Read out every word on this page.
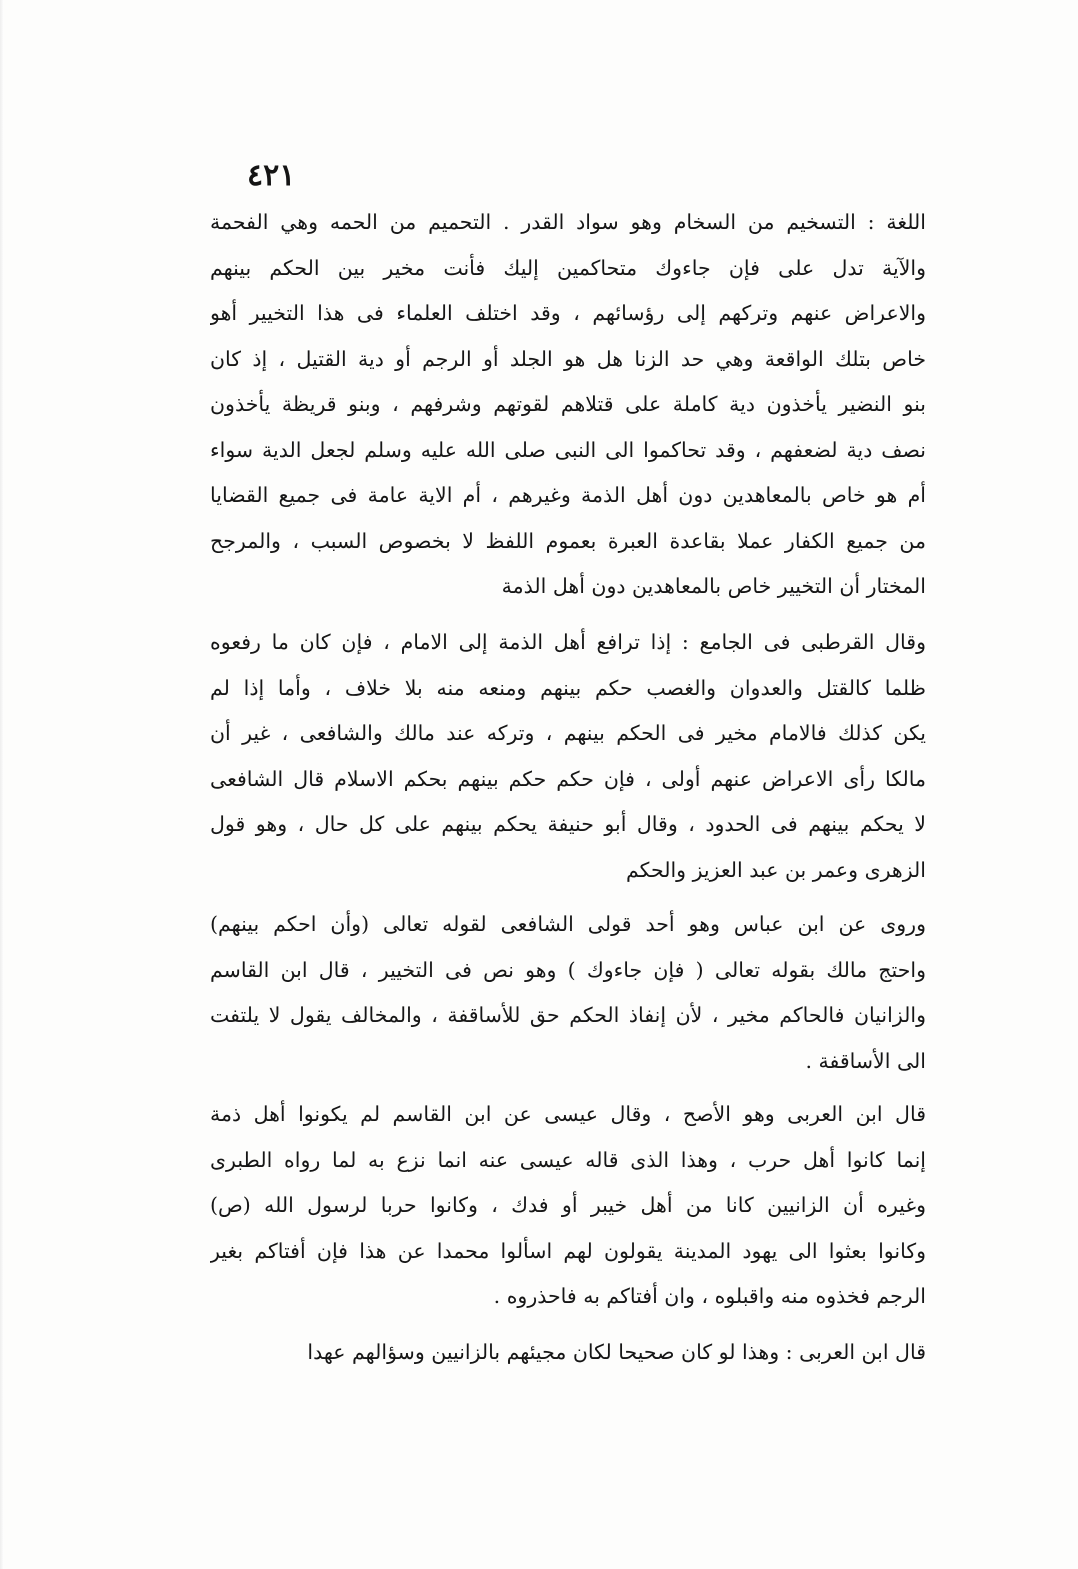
٤٢١
اللغة : التسخيم من السخام وهو سواد القدر . التحميم من الحمه وهي الفحمة
والآية تدل على فإن جاءوك متحاكمين إليك فأنت مخير بين الحكم بينهم
والاعراض عنهم وتركهم إلى رؤسائهم ، وقد اختلف العلماء فى هذا التخيير أهو
خاص بتلك الواقعة وهي حد الزنا هل هو الجلد أو الرجم أو دية القتيل ، إذ كان
بنو النضير يأخذون دية كاملة على قتلاهم لقوتهم وشرفهم ، وبنو قريظة يأخذون
نصف دية لضعفهم ، وقد تحاكموا الى النبى صلى الله عليه وسلم لجعل الدية سواء
أم هو خاص بالمعاهدين دون أهل الذمة وغيرهم ، أم الاية عامة فى جميع القضايا
من جميع الكفار عملا بقاعدة العبرة بعموم اللفظ لا بخصوص السبب ، والمرجح
المختار أن التخيير خاص بالمعاهدين دون أهل الذمة
وقال القرطبى فى الجامع : إذا ترافع أهل الذمة إلى الامام ، فإن كان ما رفعوه
ظلما كالقتل والعدوان والغصب حكم بينهم ومنعه منه بلا خلاف ، وأما إذا لم
يكن كذلك فالامام مخير فى الحكم بينهم ، وتركه عند مالك والشافعى ، غير أن
مالكا رأى الاعراض عنهم أولى ، فإن حكم حكم بينهم بحكم الاسلام قال الشافعى
لا يحكم بينهم فى الحدود ، وقال أبو حنيفة يحكم بينهم على كل حال ، وهو قول
الزهرى وعمر بن عبد العزيز والحكم
وروى عن ابن عباس وهو أحد قولى الشافعى لقوله تعالى (وأن احكم بينهم)
واحتج مالك بقوله تعالى ( فإن جاءوك ) وهو نص فى التخيير ، قال ابن القاسم
والزانيان فالحاكم مخير ، لأن إنفاذ الحكم حق للأساقفة ، والمخالف يقول لا يلتفت
الى الأساقفة .
قال ابن العربى وهو الأصح ، وقال عيسى عن ابن القاسم لم يكونوا أهل ذمة
إنما كانوا أهل حرب ، وهذا الذى قاله عيسى عنه انما نزع به لما رواه الطبرى
وغيره أن الزانيين كانا من أهل خيبر أو فدك ، وكانوا حربا لرسول الله (ص)
وكانوا بعثوا الى يهود المدينة يقولون لهم اسألوا محمدا عن هذا فإن أفتاكم بغير
الرجم فخذوه منه واقبلوه ، وان أفتاكم به فاحذروه .
قال ابن العربى : وهذا لو كان صحيحا لكان مجيئهم بالزانيين وسؤالهم عهدا
